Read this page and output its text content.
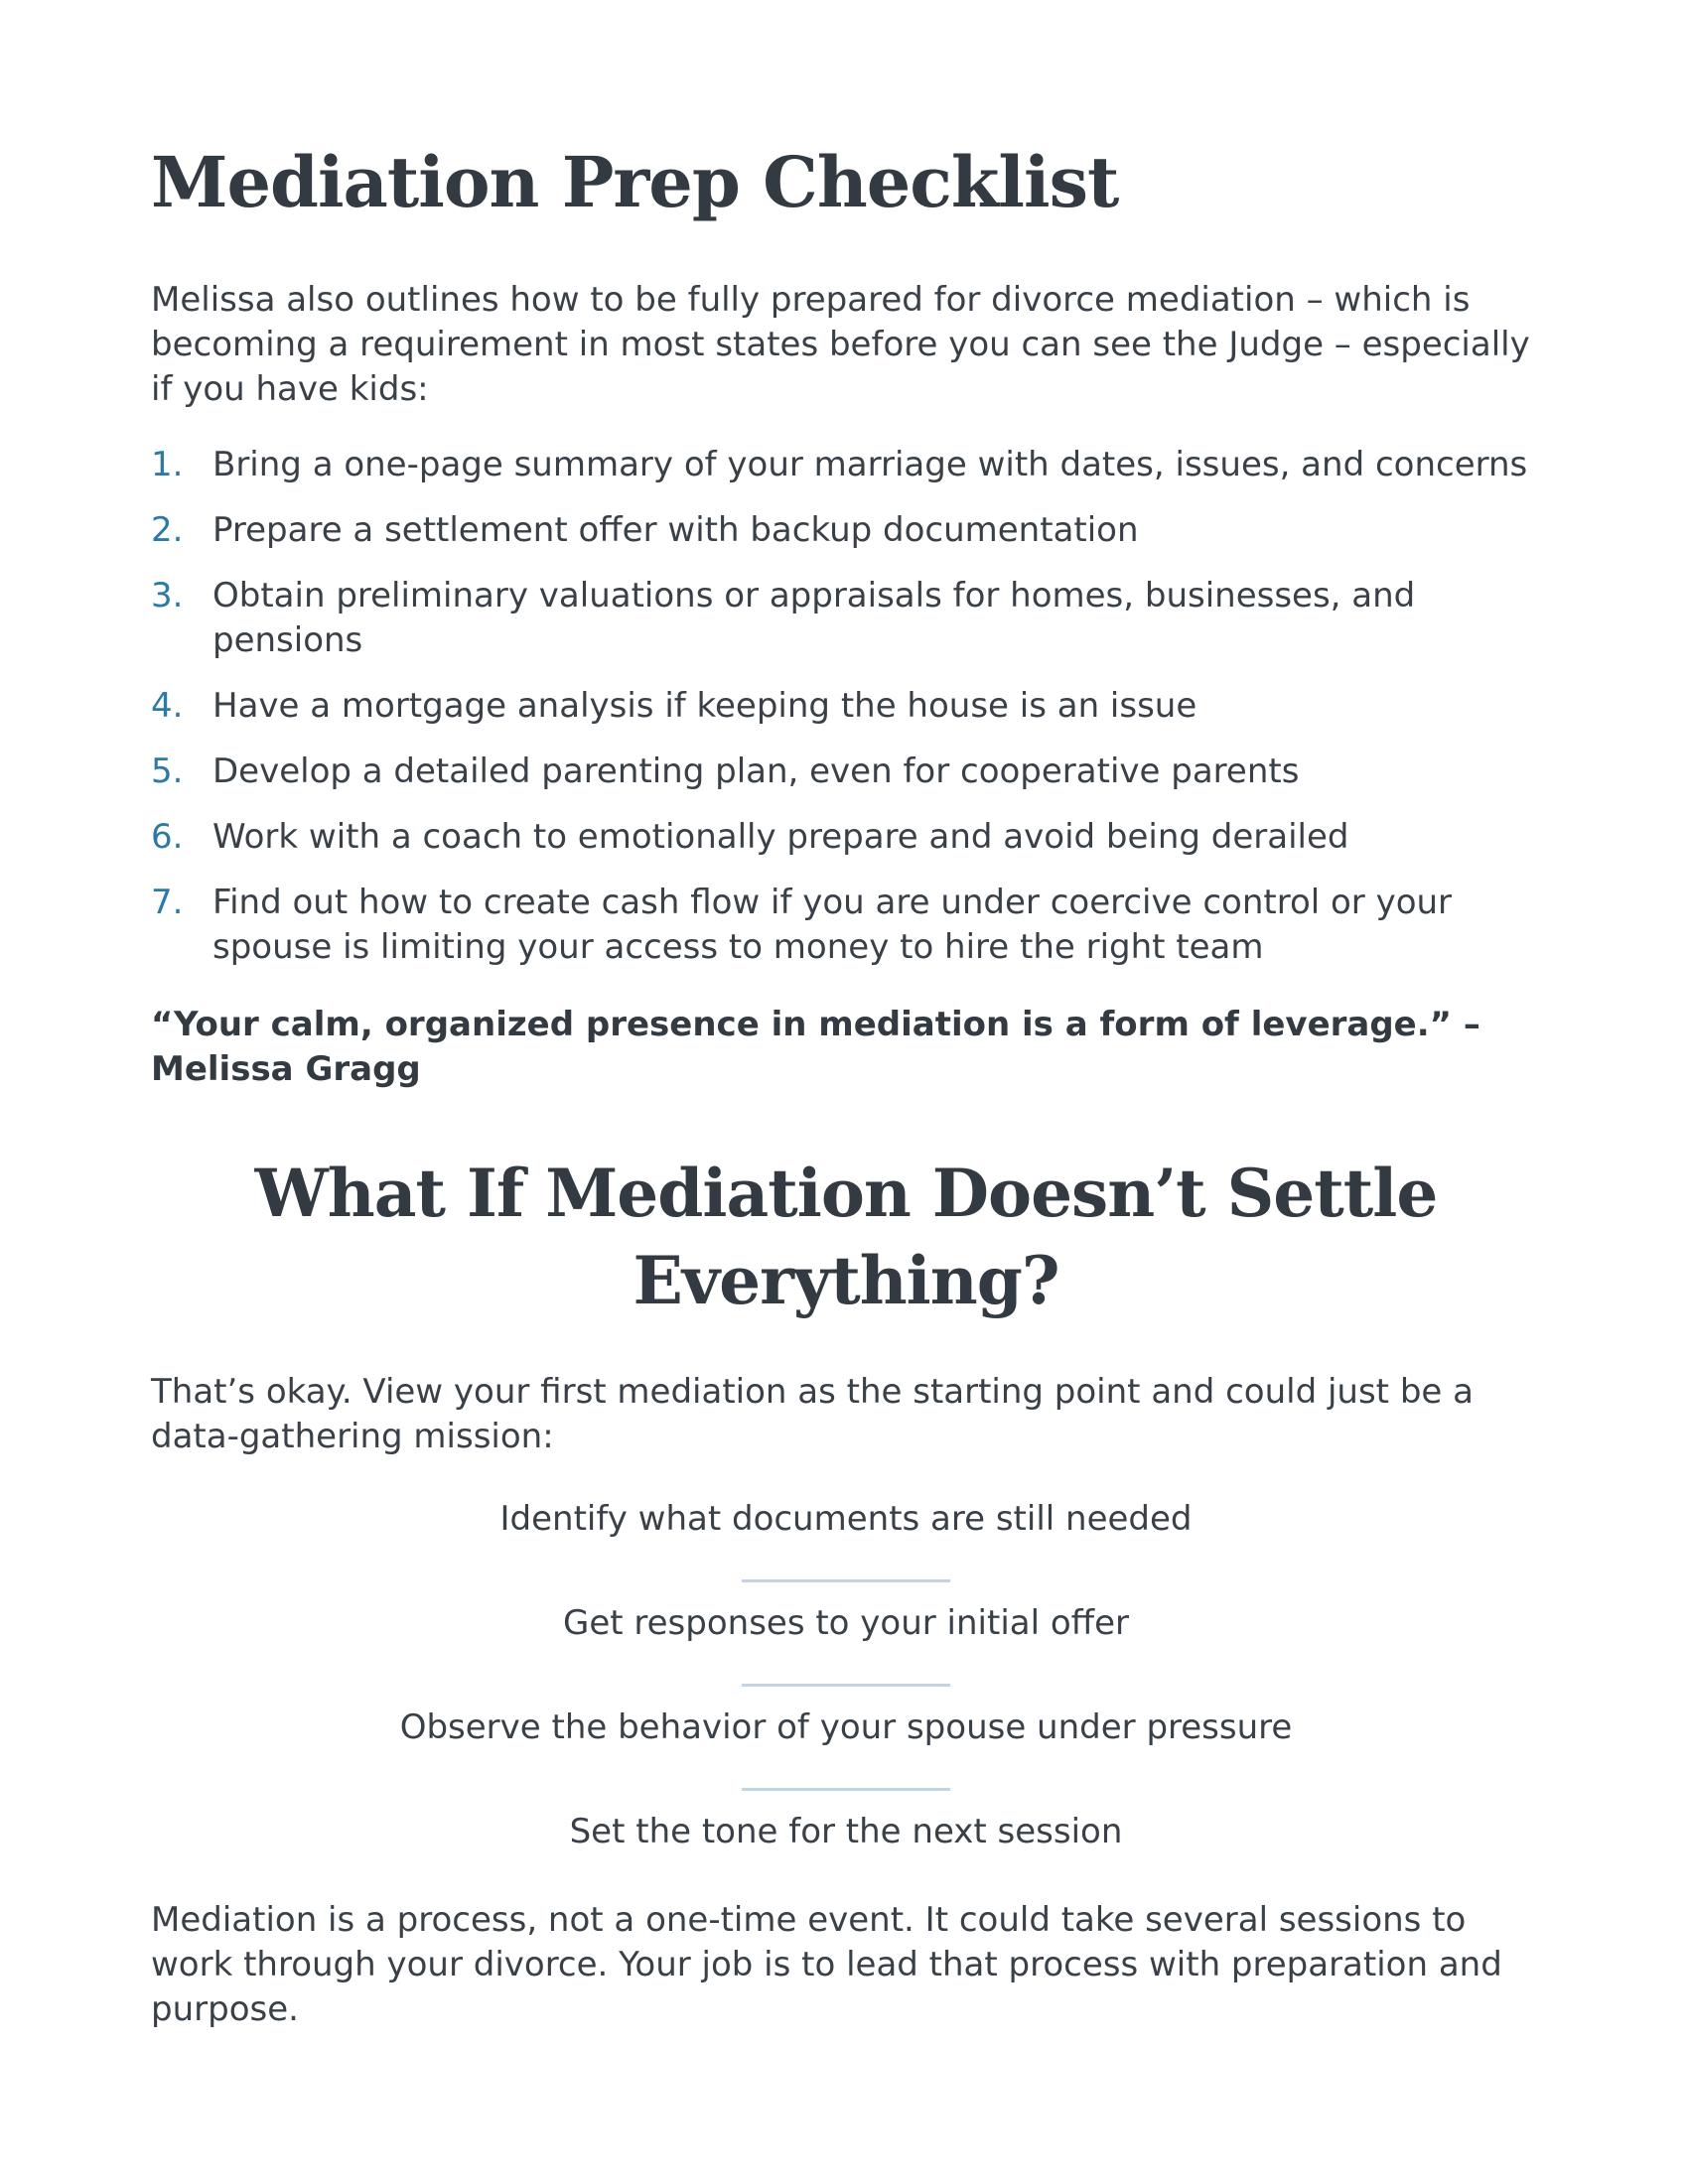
Mediation Prep Checklist

Melissa also outlines how to be fully prepared for divorce mediation – which is becoming a requirement in most states before you can see the Judge – especially if you have kids:

1. Bring a one-page summary of your marriage with dates, issues, and concerns
2. Prepare a settlement offer with backup documentation
3. Obtain preliminary valuations or appraisals for homes, businesses, and pensions
4. Have a mortgage analysis if keeping the house is an issue
5. Develop a detailed parenting plan, even for cooperative parents
6. Work with a coach to emotionally prepare and avoid being derailed
7. Find out how to create cash flow if you are under coercive control or your spouse is limiting your access to money to hire the right team

“Your calm, organized presence in mediation is a form of leverage.” – Melissa Gragg

What If Mediation Doesn’t Settle Everything?

That’s okay. View your first mediation as the starting point and could just be a data-gathering mission:

Identify what documents are still needed
Get responses to your initial offer
Observe the behavior of your spouse under pressure
Set the tone for the next session

Mediation is a process, not a one-time event. It could take several sessions to work through your divorce. Your job is to lead that process with preparation and purpose.
